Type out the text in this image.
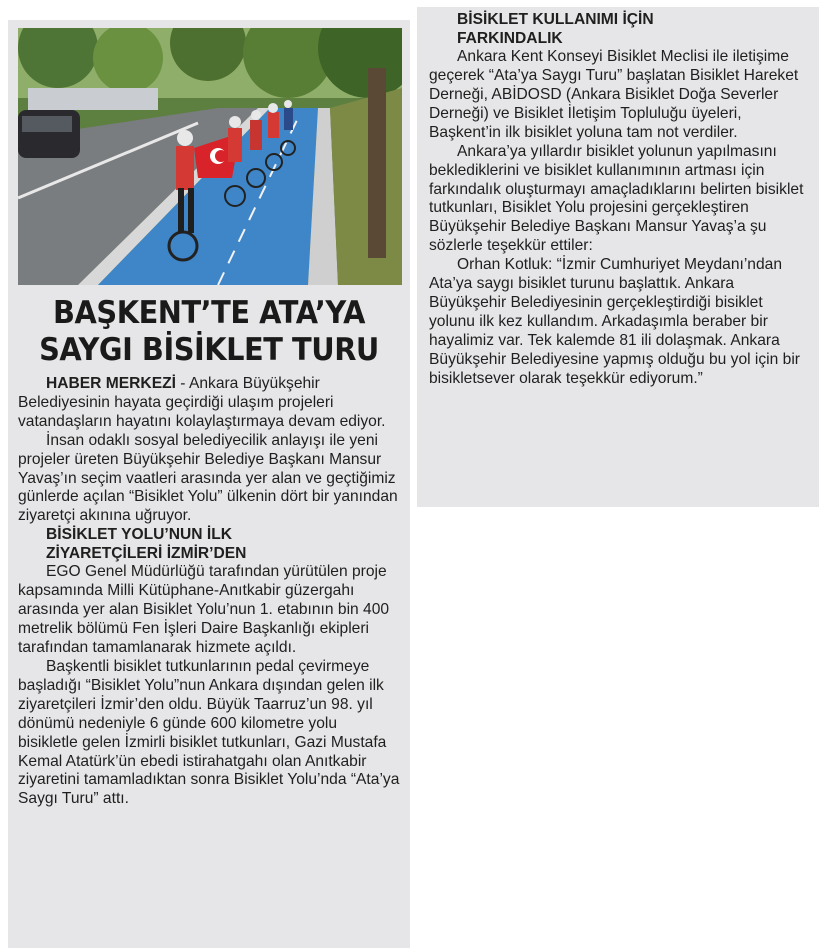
BAŞKENT’TE ATA’YA
SAYGI BİSİKLET TURU

HABER MERKEZİ - Ankara Büyükşehir Belediyesinin hayata geçirdiği ulaşım projeleri vatandaşların hayatını kolaylaştırmaya devam ediyor.

İnsan odaklı sosyal belediyecilik anlayışı ile yeni projeler üreten Büyükşehir Belediye Başkanı Mansur Yavaş’ın seçim vaatleri arasında yer alan ve geçtiğimiz günlerde açılan “Bisiklet Yolu” ülkenin dört bir yanından ziyaretçi akınına uğruyor.

BİSİKLET YOLU’NUN İLK
ZİYARETÇİLERİ İZMİR’DEN

EGO Genel Müdürlüğü tarafından yürütülen proje kapsamında Milli Kütüphane-Anıtkabir güzergahı arasında yer alan Bisiklet Yolu’nun 1. etabının bin 400 metrelik bölümü Fen İşleri Daire Başkanlığı ekipleri tarafından tamamlanarak hizmete açıldı.

Başkentli bisiklet tutkunlarının pedal çevirmeye başladığı “Bisiklet Yolu”nun Ankara dışından gelen ilk ziyaretçileri İzmir’den oldu. Büyük Taarruz’un 98. yıl dönümü nedeniyle 6 günde 600 kilometre yolu bisikletle gelen İzmirli bisiklet tutkunları, Gazi Mustafa Kemal Atatürk’ün ebedi istirahatgahı olan Anıtkabir ziyaretini tamamladıktan sonra Bisiklet Yolu’nda “Ata’ya Saygı Turu” attı.

BİSİKLET KULLANIMI İÇİN
FARKINDALIK

Ankara Kent Konseyi Bisiklet Meclisi ile iletişime geçerek “Ata’ya Saygı Turu” başlatan Bisiklet Hareket Derneği, ABİDOSD (Ankara Bisiklet Doğa Severler Derneği) ve Bisiklet İletişim Topluluğu üyeleri, Başkent’in ilk bisiklet yoluna tam not verdiler.

Ankara’ya yıllardır bisiklet yolunun yapılmasını beklediklerini ve bisiklet kullanımının artması için farkındalık oluşturmayı amaçladıklarını belirten bisiklet tutkunları, Bisiklet Yolu projesini gerçekleştiren Büyükşehir Belediye Başkanı Mansur Yavaş’a şu sözlerle teşekkür ettiler:

Orhan Kotluk: “İzmir Cumhuriyet Meydanı’ndan Ata’ya saygı bisiklet turunu başlattık. Ankara Büyükşehir Belediyesinin gerçekleştirdiği bisiklet yolunu ilk kez kullandım. Arkadaşımla beraber bir hayalimiz var. Tek kalemde 81 ili dolaşmak. Ankara Büyükşehir Belediyesine yapmış olduğu bu yol için bir bisikletsever olarak teşekkür ediyorum.”
